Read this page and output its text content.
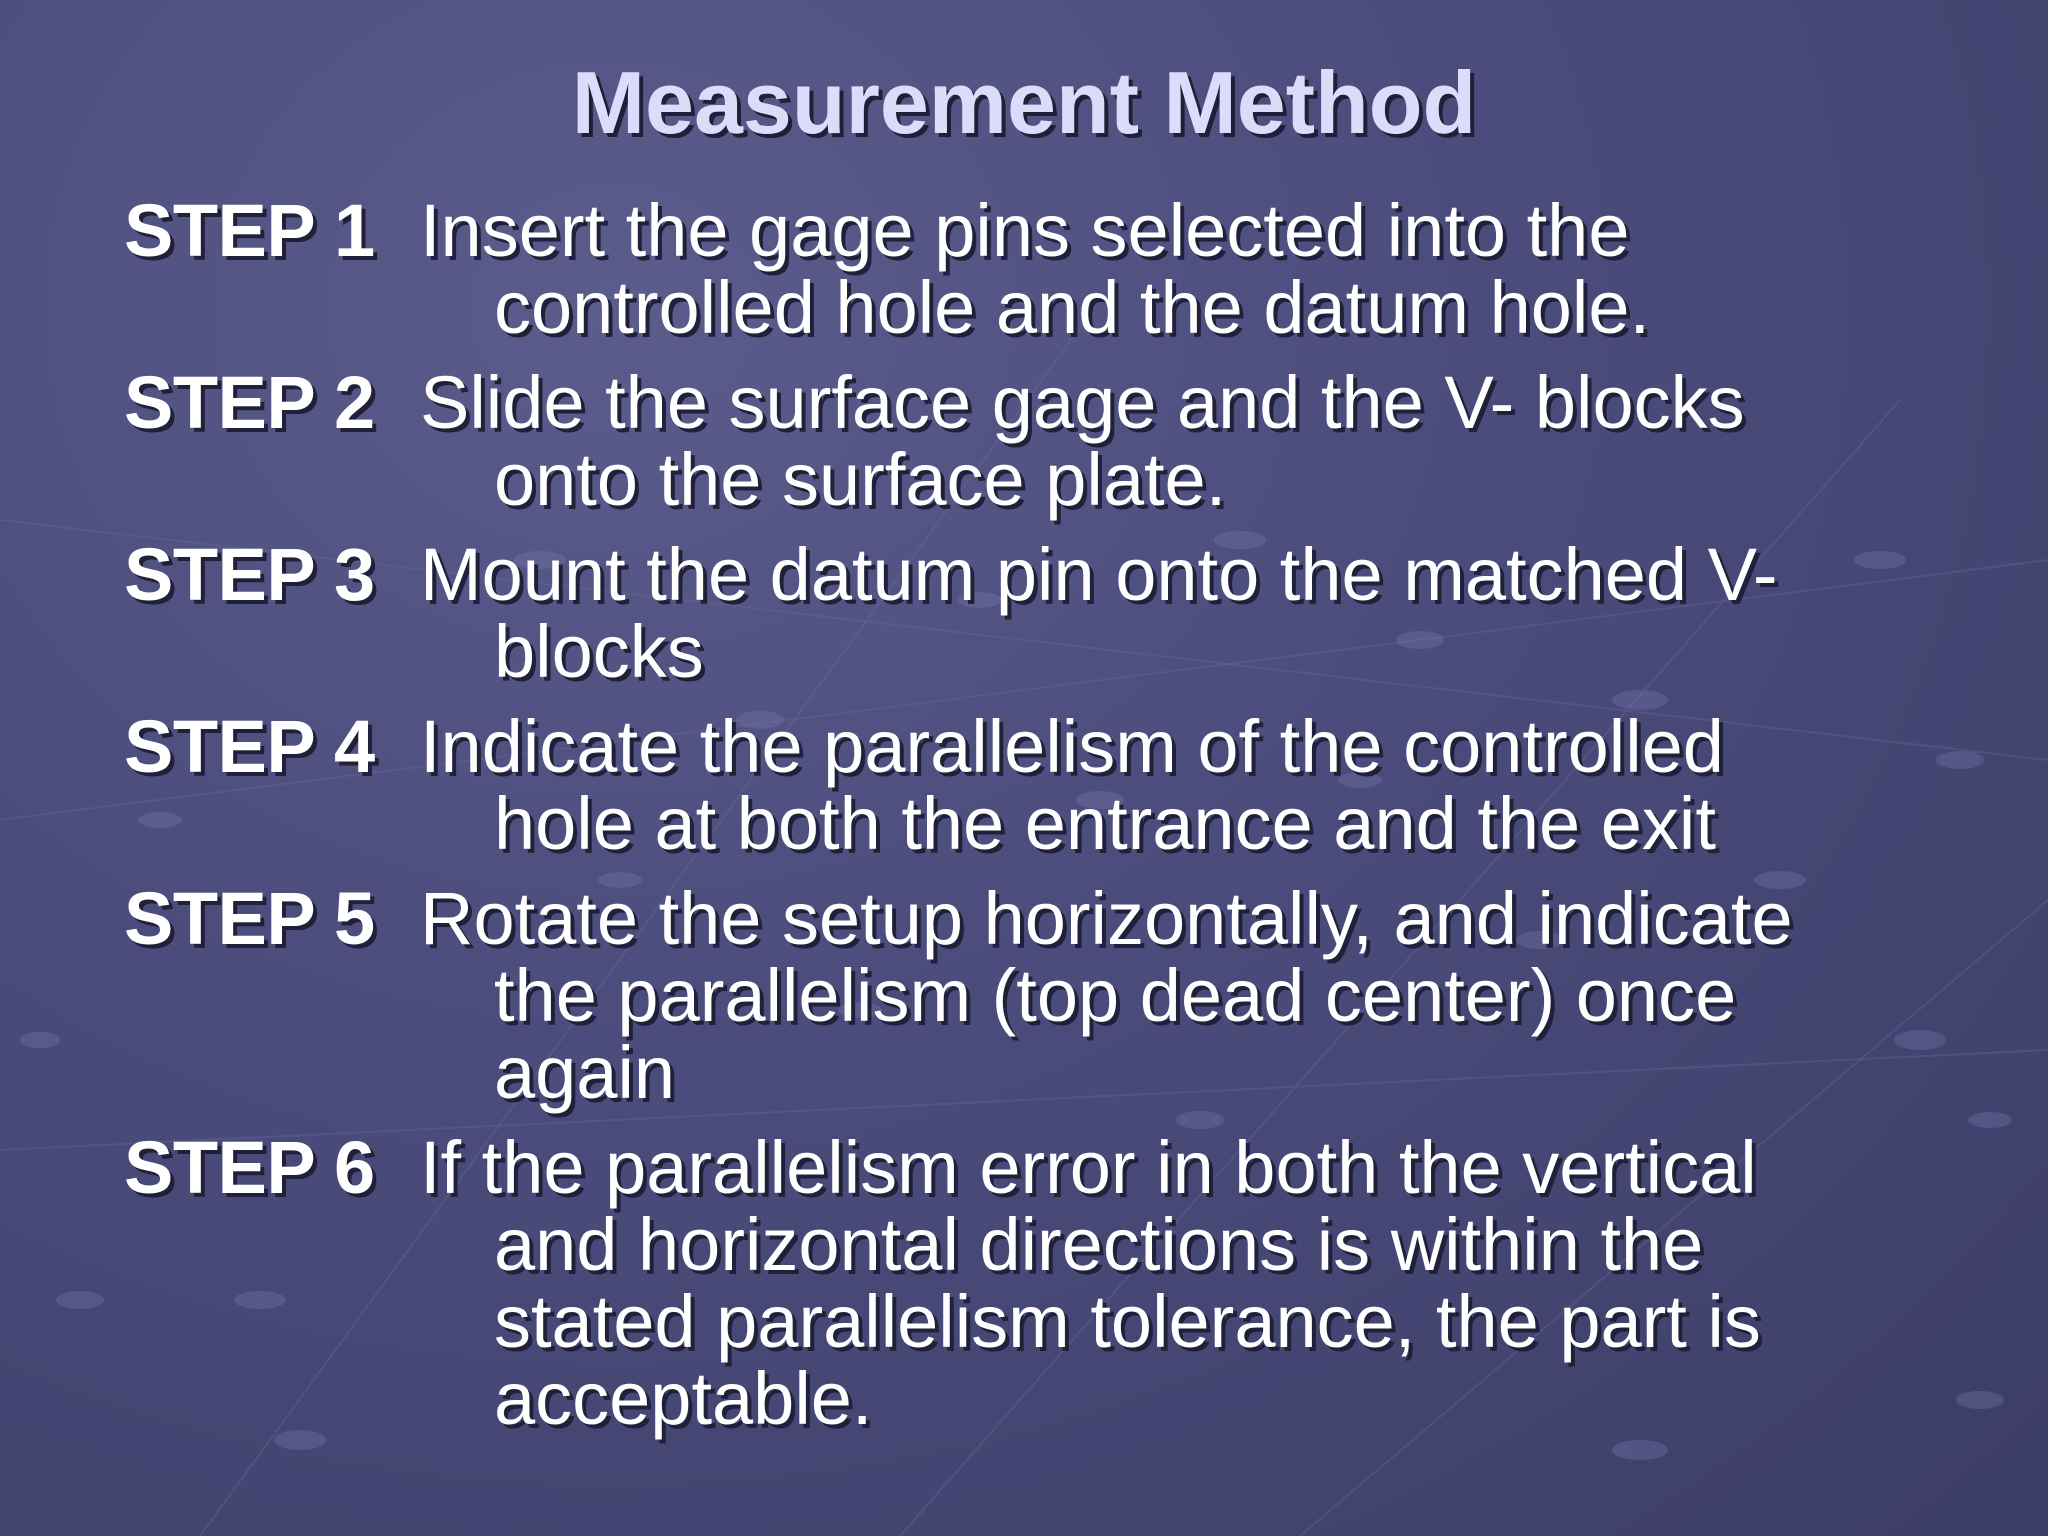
Measurement Method
STEP 1 Insert the gage pins selected into the
controlled hole and the datum hole.
STEP 2 Slide the surface gage and the V- blocks
onto the surface plate.
STEP 3 Mount the datum pin onto the matched V-
blocks
STEP 4 Indicate the parallelism of the controlled
hole at both the entrance and the exit
STEP 5 Rotate the setup horizontally, and indicate
the parallelism (top dead center) once
again
STEP 6 If the parallelism error in both the vertical
and horizontal directions is within the
stated parallelism tolerance, the part is
acceptable.
